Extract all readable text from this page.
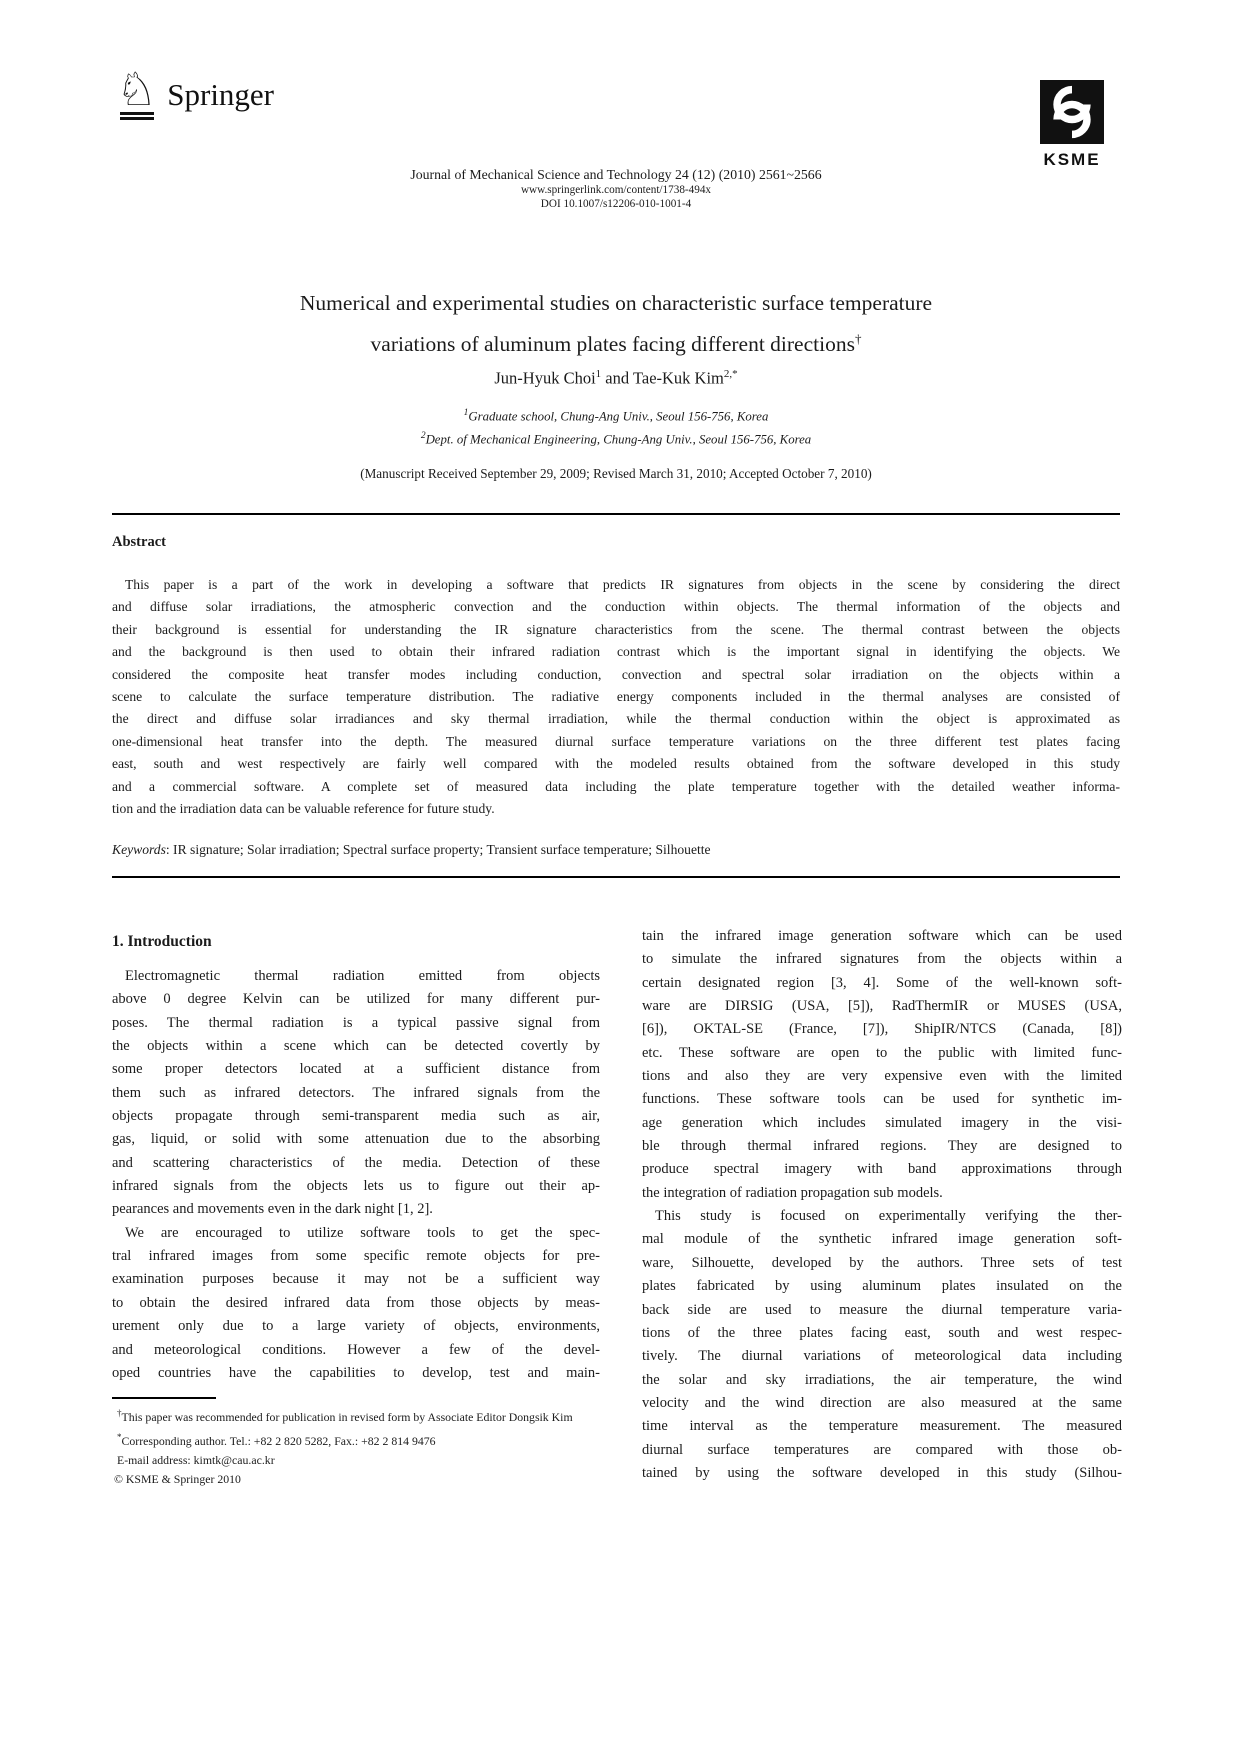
♘ Springer
KSME
Journal of Mechanical Science and Technology 24 (12) (2010) 2561~2566
www.springerlink.com/content/1738-494x
DOI 10.1007/s12206-010-1001-4
Numerical and experimental studies on characteristic surface temperature
variations of aluminum plates facing different directions†
Jun-Hyuk Choi$^1$ and Tae-Kuk Kim$^{2,*}$
$^1$Graduate school, Chung-Ang Univ., Seoul 156-756, Korea
$^2$Dept. of Mechanical Engineering, Chung-Ang Univ., Seoul 156-756, Korea
(Manuscript Received September 29, 2009; Revised March 31, 2010; Accepted October 7, 2010)
Abstract
This paper is a part of the work in developing a software that predicts IR signatures from objects in the scene by considering the direct
and diffuse solar irradiations, the atmospheric convection and the conduction within objects. The thermal information of the objects and
their background is essential for understanding the IR signature characteristics from the scene. The thermal contrast between the objects
and the background is then used to obtain their infrared radiation contrast which is the important signal in identifying the objects. We
considered the composite heat transfer modes including conduction, convection and spectral solar irradiation on the objects within a
scene to calculate the surface temperature distribution. The radiative energy components included in the thermal analyses are consisted of
the direct and diffuse solar irradiances and sky thermal irradiation, while the thermal conduction within the object is approximated as
one-dimensional heat transfer into the depth. The measured diurnal surface temperature variations on the three different test plates facing
east, south and west respectively are fairly well compared with the modeled results obtained from the software developed in this study
and a commercial software. A complete set of measured data including the plate temperature together with the detailed weather informa-
tion and the irradiation data can be valuable reference for future study.
Keywords: IR signature; Solar irradiation; Spectral surface property; Transient surface temperature; Silhouette
1. Introduction
Electromagnetic thermal radiation emitted from objects
above 0 degree Kelvin can be utilized for many different pur-
poses. The thermal radiation is a typical passive signal from
the objects within a scene which can be detected covertly by
some proper detectors located at a sufficient distance from
them such as infrared detectors. The infrared signals from the
objects propagate through semi-transparent media such as air,
gas, liquid, or solid with some attenuation due to the absorbing
and scattering characteristics of the media. Detection of these
infrared signals from the objects lets us to figure out their ap-
pearances and movements even in the dark night [1, 2].
We are encouraged to utilize software tools to get the spec-
tral infrared images from some specific remote objects for pre-
examination purposes because it may not be a sufficient way
to obtain the desired infrared data from those objects by meas-
urement only due to a large variety of objects, environments,
and meteorological conditions. However a few of the devel-
oped countries have the capabilities to develop, test and main-
†This paper was recommended for publication in revised form by Associate Editor Dongsik Kim
*Corresponding author. Tel.: +82 2 820 5282, Fax.: +82 2 814 9476
E-mail address: kimtk@cau.ac.kr
© KSME & Springer 2010
tain the infrared image generation software which can be used
to simulate the infrared signatures from the objects within a
certain designated region [3, 4]. Some of the well-known soft-
ware are DIRSIG (USA, [5]), RadThermIR or MUSES (USA,
[6]), OKTAL-SE (France, [7]), ShipIR/NTCS (Canada, [8])
etc. These software are open to the public with limited func-
tions and also they are very expensive even with the limited
functions. These software tools can be used for synthetic im-
age generation which includes simulated imagery in the visi-
ble through thermal infrared regions. They are designed to
produce spectral imagery with band approximations through
the integration of radiation propagation sub models.
This study is focused on experimentally verifying the ther-
mal module of the synthetic infrared image generation soft-
ware, Silhouette, developed by the authors. Three sets of test
plates fabricated by using aluminum plates insulated on the
back side are used to measure the diurnal temperature varia-
tions of the three plates facing east, south and west respec-
tively. The diurnal variations of meteorological data including
the solar and sky irradiations, the air temperature, the wind
velocity and the wind direction are also measured at the same
time interval as the temperature measurement. The measured
diurnal surface temperatures are compared with those ob-
tained by using the software developed in this study (Silhou-
